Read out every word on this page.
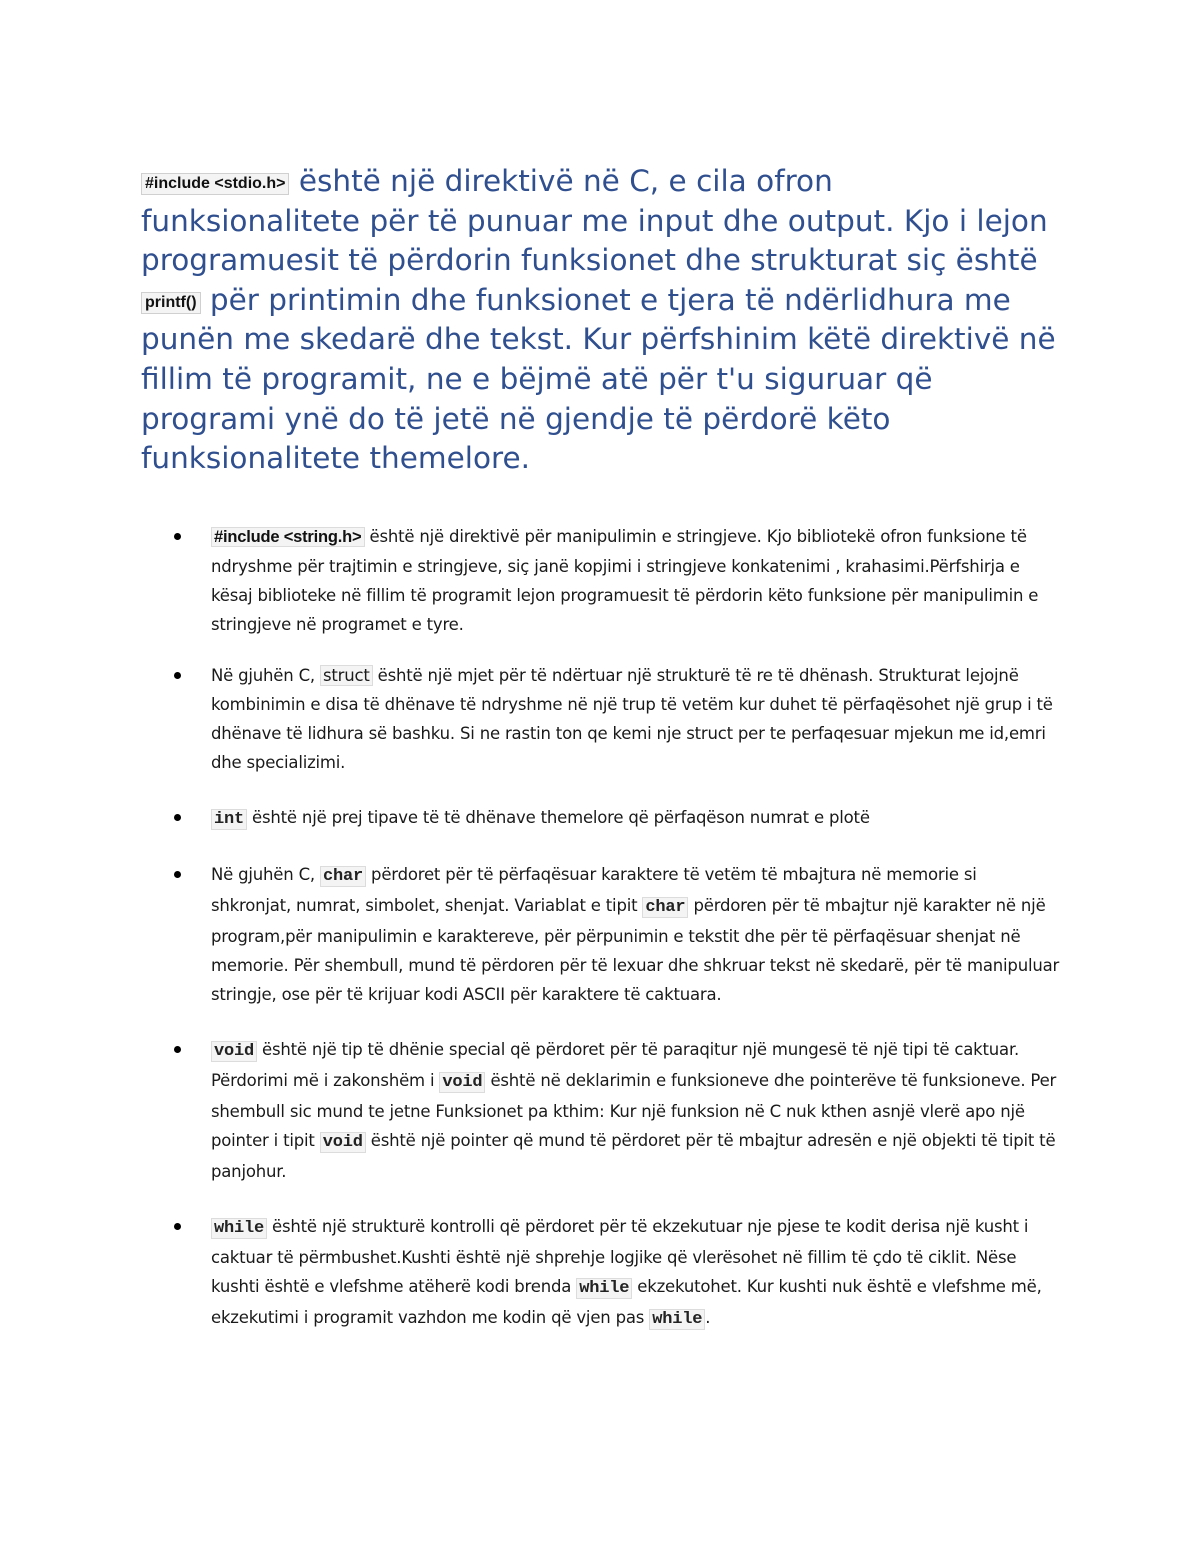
#include <stdio.h> është një direktivë në C, e cila ofron funksionalitete për të punuar me input dhe output. Kjo i lejon programuesit të përdorin funksionet dhe strukturat siç është printf() për printimin dhe funksionet e tjera të ndërlidhura me punën me skedarë dhe tekst. Kur përfshinim këtë direktivë në fillim të programit, ne e bëjmë atë për t'u siguruar që programi ynë do të jetë në gjendje të përdorë këto funksionalitete themelore.

#include <string.h> është një direktivë për manipulimin e stringjeve. Kjo bibliotekë ofron funksione të ndryshme për trajtimin e stringjeve, siç janë kopjimi i stringjeve konkatenimi , krahasimi.Përfshirja e kësaj biblioteke në fillim të programit lejon programuesit të përdorin këto funksione për manipulimin e stringjeve në programet e tyre.
Në gjuhën C, struct është një mjet për të ndërtuar një strukturë të re të dhënash. Strukturat lejojnë kombinimin e disa të dhënave të ndryshme në një trup të vetëm kur duhet të përfaqësohet një grup i të dhënave të lidhura së bashku. Si ne rastin ton qe kemi nje struct per te perfaqesuar mjekun me id,emri dhe specializimi.
int është një prej tipave të të dhënave themelore që përfaqëson numrat e plotë
Në gjuhën C, char përdoret për të përfaqësuar karaktere të vetëm të mbajtura në memorie si shkronjat, numrat, simbolet, shenjat. Variablat e tipit char përdoren për të mbajtur një karakter në një program,për manipulimin e karaktereve, për përpunimin e tekstit dhe për të përfaqësuar shenjat në memorie. Për shembull, mund të përdoren për të lexuar dhe shkruar tekst në skedarë, për të manipuluar stringje, ose për të krijuar kodi ASCII për karaktere të caktuara.
void është një tip të dhënie special që përdoret për të paraqitur një mungesë të një tipi të caktuar. Përdorimi më i zakonshëm i void është në deklarimin e funksioneve dhe pointerëve të funksioneve. Per shembull sic mund te jetne Funksionet pa kthim: Kur një funksion në C nuk kthen asnjë vlerë apo një pointer i tipit void është një pointer që mund të përdoret për të mbajtur adresën e një objekti të tipit të panjohur.
while është një strukturë kontrolli që përdoret për të ekzekutuar nje pjese te kodit derisa një kusht i caktuar të përmbushet.Kushti është një shprehje logjike që vlerësohet në fillim të çdo të ciklit. Nëse kushti është e vlefshme atëherë kodi brenda while ekzekutohet. Kur kushti nuk është e vlefshme më, ekzekutimi i programit vazhdon me kodin që vjen pas while .
